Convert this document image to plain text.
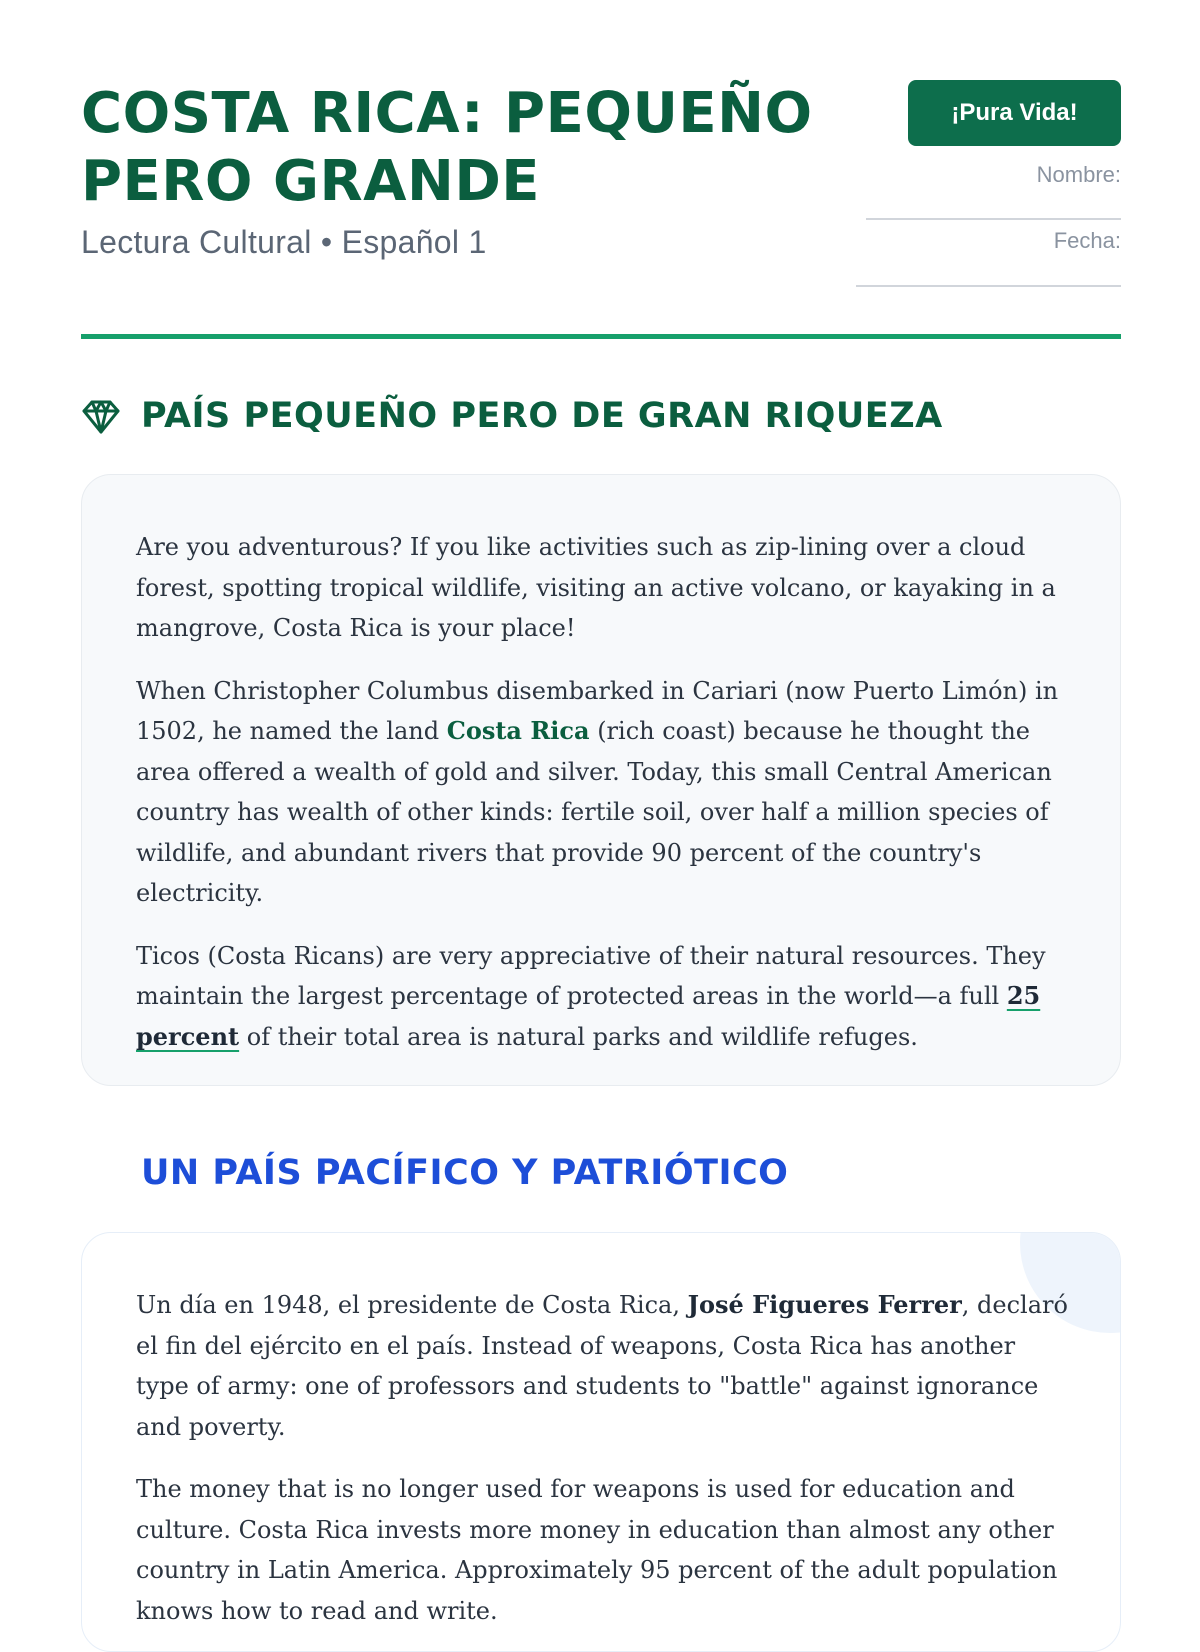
COSTA RICA: PEQUEÑO PERO GRANDE
Lectura Cultural • Español 1
¡Pura Vida!
Nombre:
Fecha:
PAÍS PEQUEÑO PERO DE GRAN RIQUEZA

Are you adventurous? If you like activities such as zip-lining over a cloud forest, spotting tropical wildlife, visiting an active volcano, or kayaking in a mangrove, Costa Rica is your place!

When Christopher Columbus disembarked in Cariari (now Puerto Limón) in 1502, he named the land Costa Rica (rich coast) because he thought the area offered a wealth of gold and silver. Today, this small Central American country has wealth of other kinds: fertile soil, over half a million species of wildlife, and abundant rivers that provide 90 percent of the country's electricity.

Ticos (Costa Ricans) are very appreciative of their natural resources. They maintain the largest percentage of protected areas in the world—a full 25 percent of their total area is natural parks and wildlife refuges.

UN PAÍS PACÍFICO Y PATRIÓTICO

Un día en 1948, el presidente de Costa Rica, José Figueres Ferrer, declaró el fin del ejército en el país. Instead of weapons, Costa Rica has another type of army: one of professors and students to "battle" against ignorance and poverty.

The money that is no longer used for weapons is used for education and culture. Costa Rica invests more money in education than almost any other country in Latin America. Approximately 95 percent of the adult population knows how to read and write.
